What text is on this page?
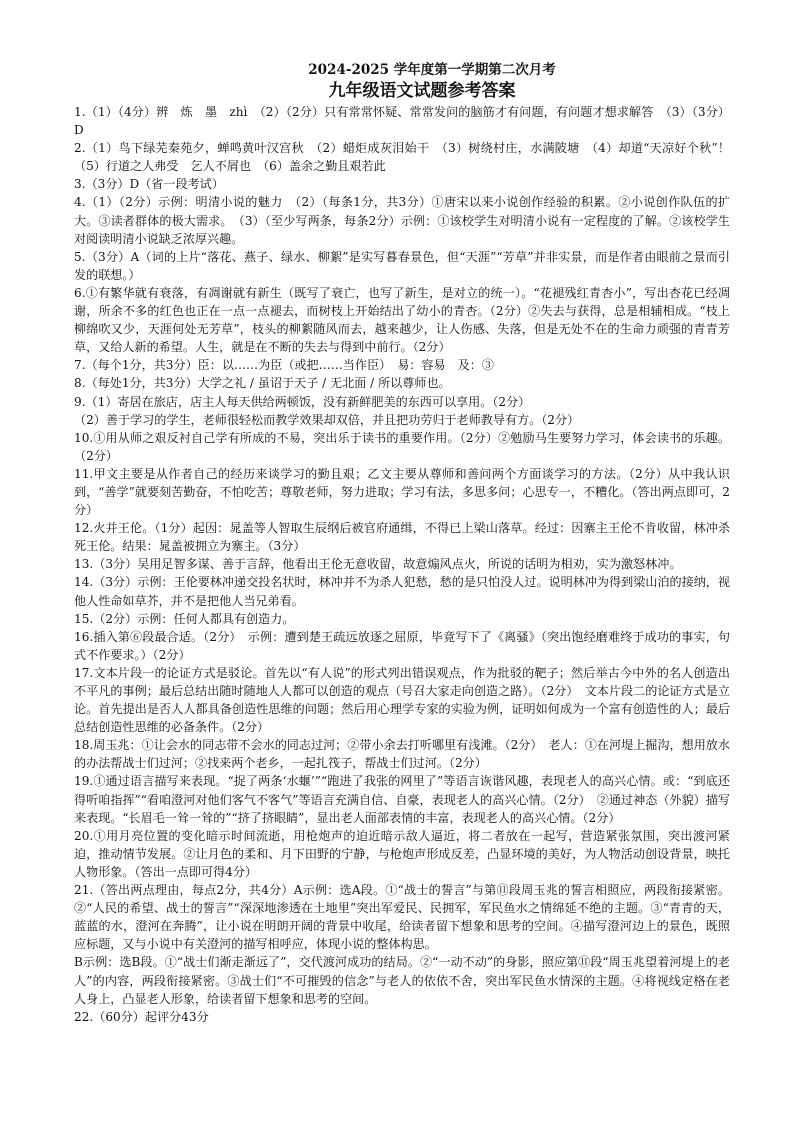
2024-2025 学年度第一学期第二次月考
九年级语文试题参考答案

1.（1）（4分）辨　炼　墨　zhì　（2）（2分）只有常常怀疑、常常发问的脑筋才有问题，有问题才想求解答　（3）（3分）D

2.（1）鸟下绿芜秦苑夕，蝉鸣黄叶汉宫秋　（2）蜡炬成灰泪始干　（3）树绕村庄，水满陂塘　（4）却道“天凉好个秋”！　（5）行道之人弗受　乞人不屑也　（6）盖余之勤且艰若此

3.（3分）D（省一段考试）

4.（1）（2分）示例：明清小说的魅力　（2）（每条1分，共3分）①唐宋以来小说创作经验的积累。②小说创作队伍的扩大。③读者群体的极大需求。　（3）（至少写两条，每条2分）示例：①该校学生对明清小说有一定程度的了解。②该校学生对阅读明清小说缺乏浓厚兴趣。

5.（3分）A（词的上片“落花、燕子、绿水、柳絮”是实写暮春景色，但“天涯”“芳草”并非实景，而是作者由眼前之景而引发的联想。）

6.①有繁华就有衰落，有凋谢就有新生（既写了衰亡，也写了新生，是对立的统一）。“花褪残红青杏小”，写出杏花已经凋谢，所余不多的红色也正在一点一点褪去，而树枝上开始结出了幼小的青杏。（2分）②失去与获得，总是相辅相成。“枝上柳绵吹又少，天涯何处无芳草”，枝头的柳絮随风而去，越来越少，让人伤感、失落，但是无处不在的生命力顽强的青青芳草，又给人新的希望。人生，就是在不断的失去与得到中前行。（2分）

7.（每个1分，共3分）臣：以……为臣（或把……当作臣）　易：容易　及：③

8.（每处1分，共3分）大学之礼 / 虽诏于天子 / 无北面 / 所以尊师也。

9.（1）寄居在旅店，店主人每天供给两顿饭，没有新鲜肥美的东西可以享用。（2分）

（2）善于学习的学生，老师很轻松而教学效果却双倍，并且把功劳归于老师教导有方。（2分）

10.①用从师之艰反衬自己学有所成的不易，突出乐于读书的重要作用。（2分）②勉励马生要努力学习，体会读书的乐趣。（2分）

11.甲文主要是从作者自己的经历来谈学习的勤且艰；乙文主要从尊师和善问两个方面谈学习的方法。（2分）从中我认识到，“善学”就要刻苦勤奋，不怕吃苦；尊敬老师，努力进取；学习有法，多思多问；心思专一，不糟化。（答出两点即可，2分）

12.火并王伦。（1分）起因：晁盖等人智取生辰纲后被官府通缉，不得已上梁山落草。经过：因寨主王伦不肯收留，林冲杀死王伦。结果：晁盖被拥立为寨主。（3分）

13.（3分）吴用足智多谋、善于言辞，他看出王伦无意收留，故意煽风点火，所说的话明为相劝，实为激怒林冲。

14.（3分）示例：王伦要林冲递交投名状时，林冲并不为杀人犯愁，愁的是只怕没人过。说明林冲为得到梁山泊的接纳，视他人性命如草芥，并不是把他人当兄弟看。

15.（2分）示例：任何人都具有创造力。

16.插入第⑥段最合适。（2分）　示例：遭到楚王疏远放逐之屈原，毕竟写下了《离骚》（突出饱经磨难终于成功的事实，句式不作要求。）（2分）

17.文本片段一的论证方式是驳论。首先以“有人说”的形式列出错误观点，作为批驳的靶子；然后举古今中外的名人创造出不平凡的事例；最后总结出随时随地人人都可以创造的观点（号召大家走向创造之路）。（2分）　文本片段二的论证方式是立论。首先提出是否人人都具备创造性思维的问题；然后用心理学专家的实验为例，证明如何成为一个富有创造性的人；最后总结创造性思维的必备条件。（2分）

18.周玉兆：①让会水的同志带不会水的同志过河；②带小余去打听哪里有浅滩。（2分）　老人：①在河堤上掘沟，想用放水的办法帮战士们过河；②找来两个老乡，一起扎筏子，帮战士们过河。（2分）

19.①通过语言描写来表现。“捉了两条‘水蝘’”“跑进了我张的网里了”等语言诙谐风趣，表现老人的高兴心情。或：“到底还得听咱指挥”“看咱澄河对他们客气不客气”等语言充满自信、自豪，表现老人的高兴心情。（2分）　②通过神态（外貌）描写来表现。“长眉毛一耸一耸的”“挤了挤眼睛”，显出老人面部表情的丰富，表现老人的高兴心情。（2分）

20.①用月亮位置的变化暗示时间流逝，用枪炮声的迫近暗示敌人逼近，将二者放在一起写，营造紧张氛围，突出渡河紧迫，推动情节发展。②让月色的柔和、月下田野的宁静，与枪炮声形成反差，凸显环境的美好，为人物活动创设背景，映托人物形象。（答出一点即可得4分）

21.（答出两点理由，每点2分，共4分）A示例：选A段。①“战士的誓言”与第⑪段周玉兆的誓言相照应，两段衔接紧密。②“人民的希望、战士的誓言”“深深地渗透在土地里”突出军爱民、民拥军，军民鱼水之情绵延不绝的主题。③“青青的天，蓝蓝的水，澄河在奔腾”，让小说在明朗开阔的背景中收尾，给读者留下想象和思考的空间。④描写澄河边上的景色，既照应标题，又与小说中有关澄河的描写相呼应，体现小说的整体构思。

B示例：选B段。①“战士们渐走渐远了”，交代渡河成功的结局。②“一动不动”的身影，照应第⑪段“周玉兆望着河堤上的老人”的内容，两段衔接紧密。③战士们“不可摧毁的信念”与老人的依依不舍，突出军民鱼水情深的主题。④将视线定格在老人身上，凸显老人形象，给读者留下想象和思考的空间。

22.（60分）起评分43分
